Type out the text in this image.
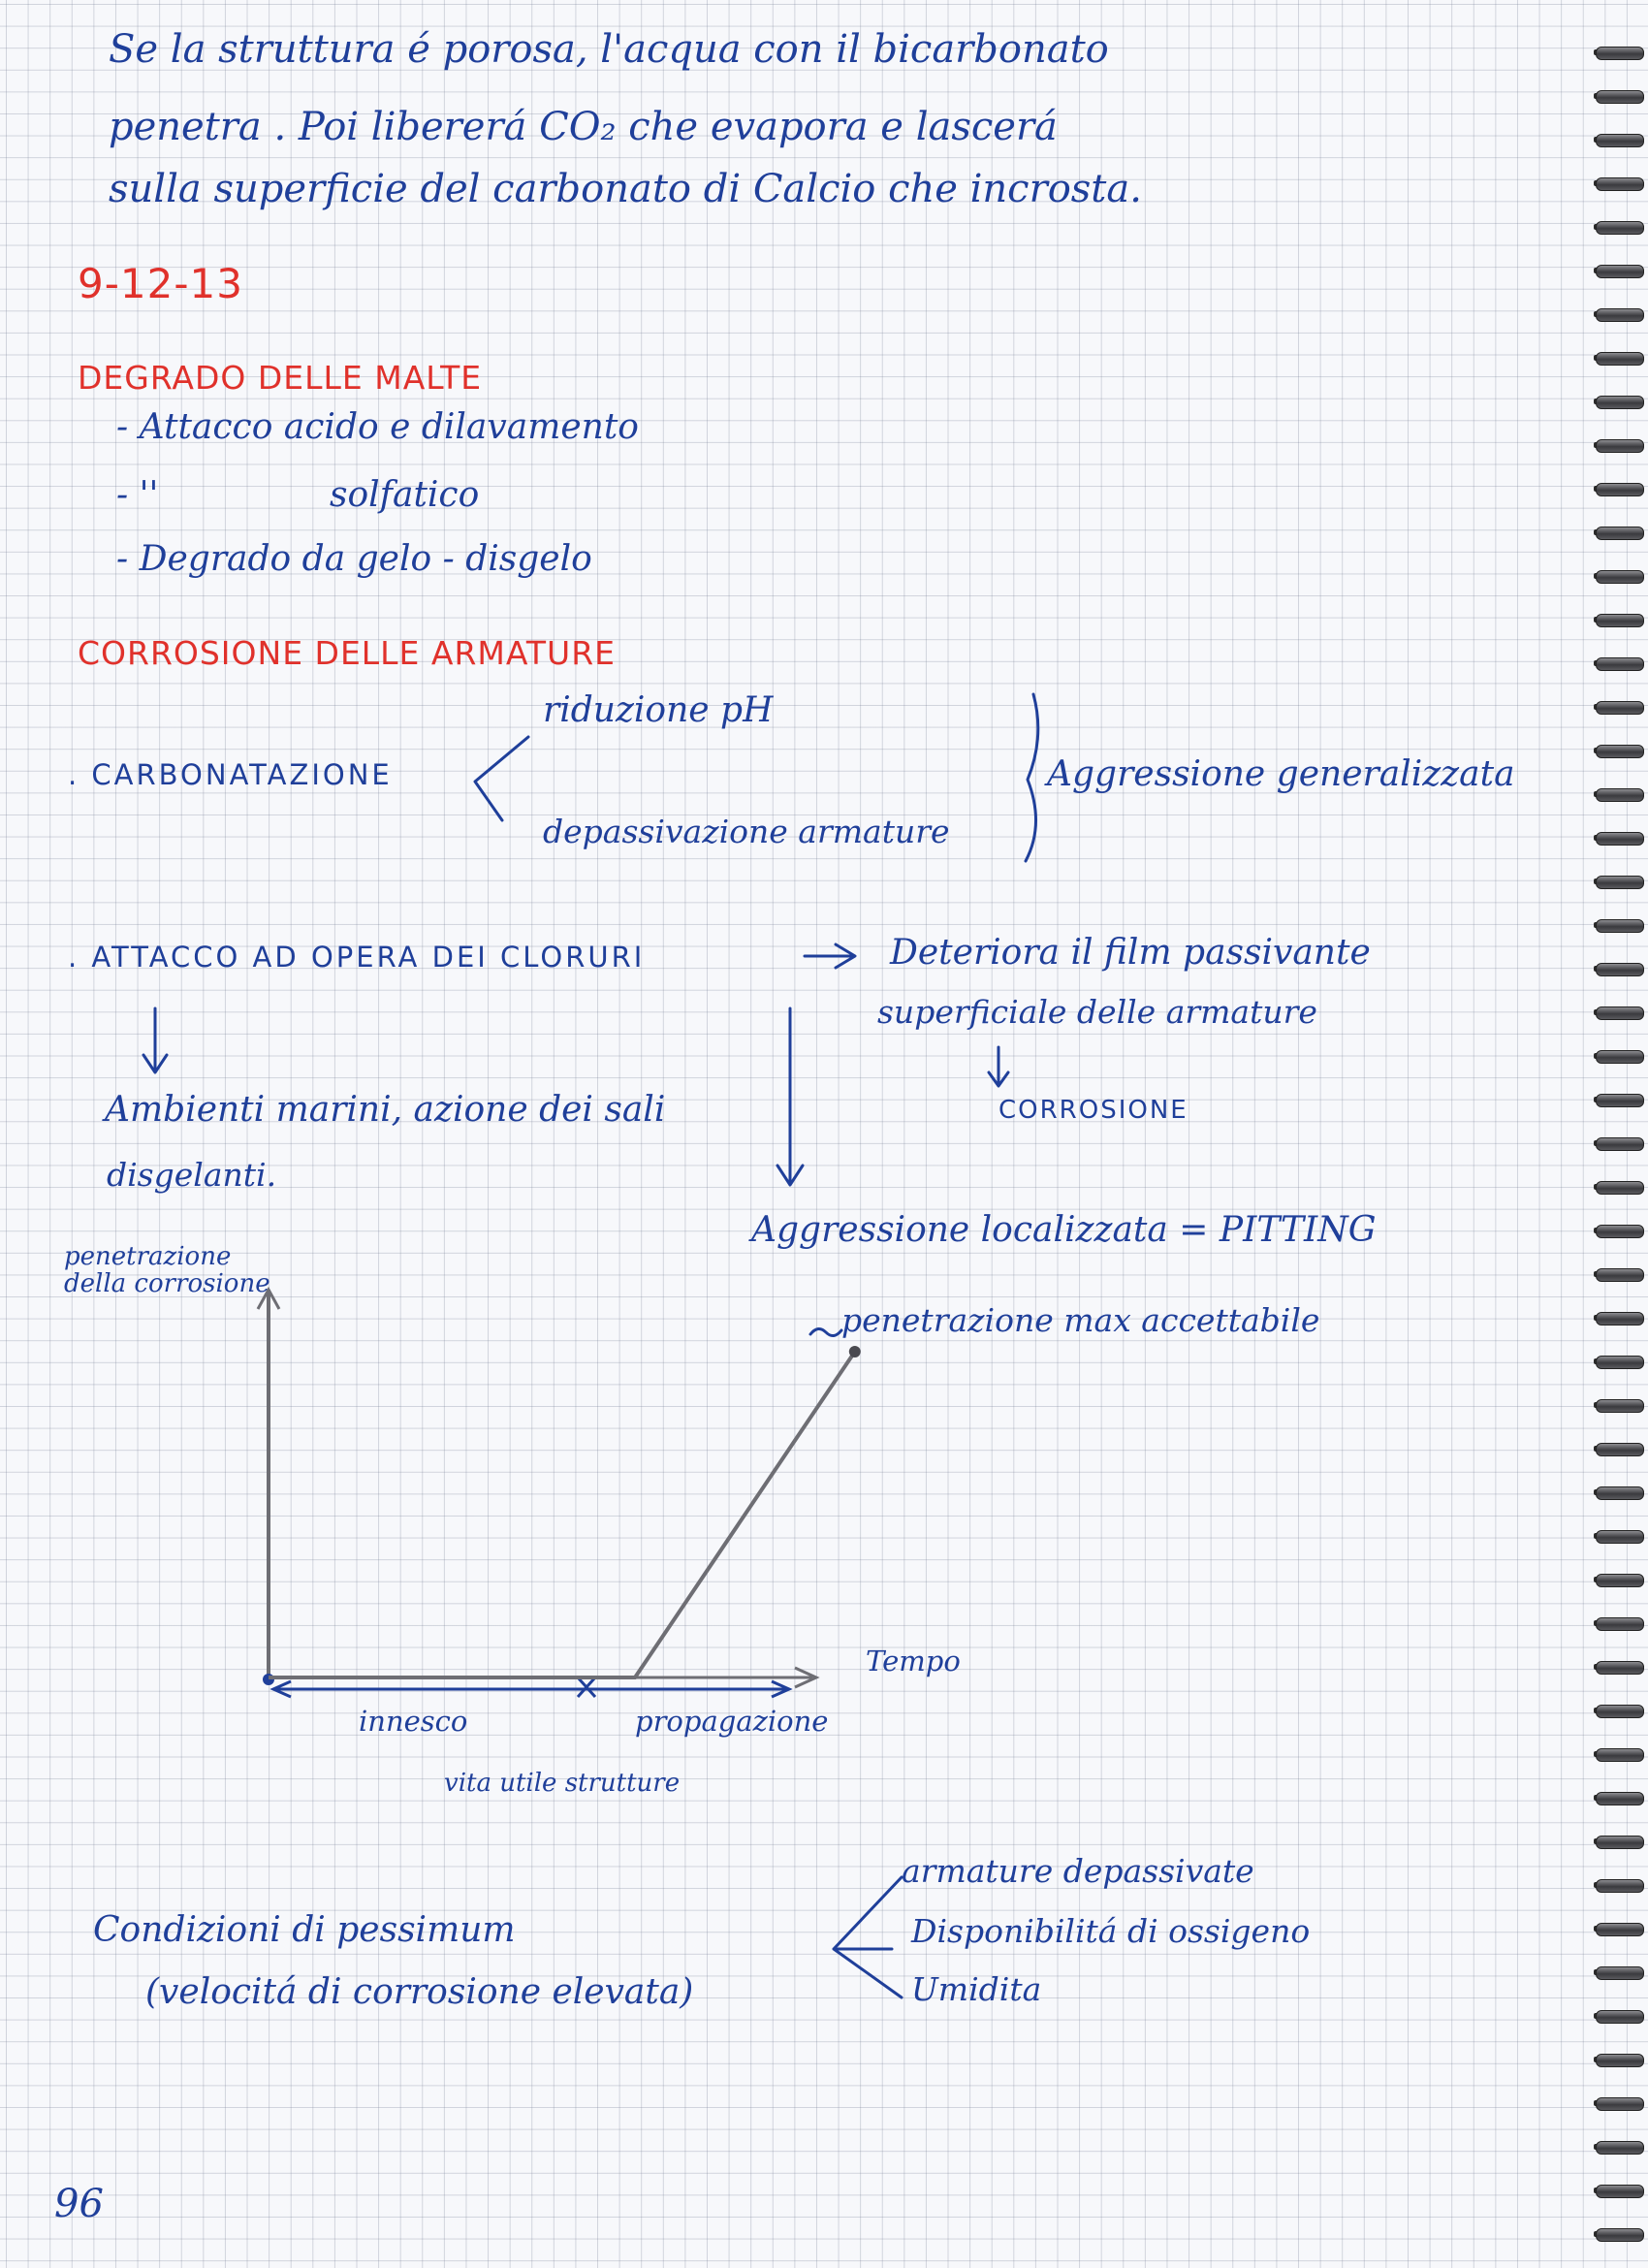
Se la struttura é porosa, l'acqua con il bicarbonato
penetra . Poi libererá CO₂ che evapora e lascerá
sulla superficie del carbonato di Calcio che incrosta.
9-12-13
DEGRADO DELLE MALTE
- Attacco acido e dilavamento
- ''	solfatico
- Degrado da gelo - disgelo
CORROSIONE DELLE ARMATURE
riduzione pH
. CARBONATAZIONE
depassivazione armature
Aggressione generalizzata
. ATTACCO AD OPERA DEI CLORURI	Deteriora il film passivante
superficiale delle armature
CORROSIONE
Ambienti marini, azione dei sali
disgelanti.
Aggressione localizzata = PITTING
penetrazione della corrosione
penetrazione max accettabile
Tempo
innesco	propagazione
vita utile strutture
Condizioni di pessimum
(velocitá di corrosione elevata)
armature depassivate
Disponibilitá di ossigeno
Umidita
96
